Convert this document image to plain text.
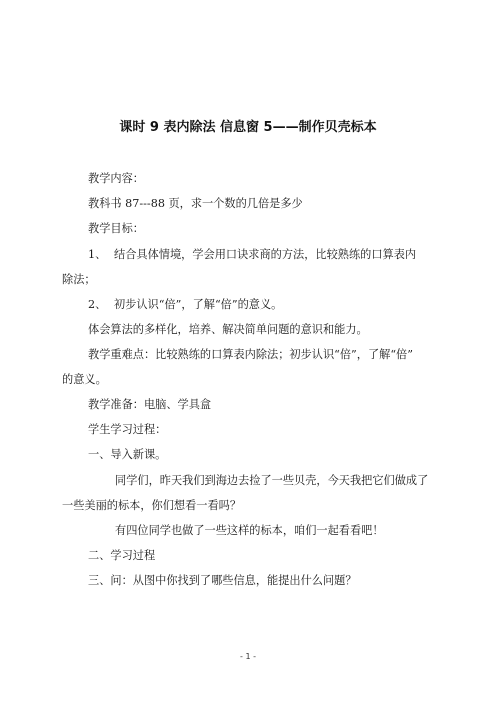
课时 9 表内除法 信息窗 5——制作贝壳标本
教学内容：
教科书 87---88 页，求一个数的几倍是多少
教学目标：
1、 结合具体情境，学会用口诀求商的方法，比较熟练的口算表内
除法；
2、 初步认识“倍”，了解“倍”的意义。
体会算法的多样化，培养、解决简单问题的意识和能力。
教学重难点：比较熟练的口算表内除法；初步认识“倍”，了解“倍”
的意义。
教学准备：电脑、学具盒
学生学习过程：
一、导入新课。
同学们，昨天我们到海边去捡了一些贝壳，今天我把它们做成了
一些美丽的标本，你们想看一看吗？
有四位同学也做了一些这样的标本，咱们一起看看吧！
二、学习过程
三、问：从图中你找到了哪些信息，能提出什么问题？
- 1 -
